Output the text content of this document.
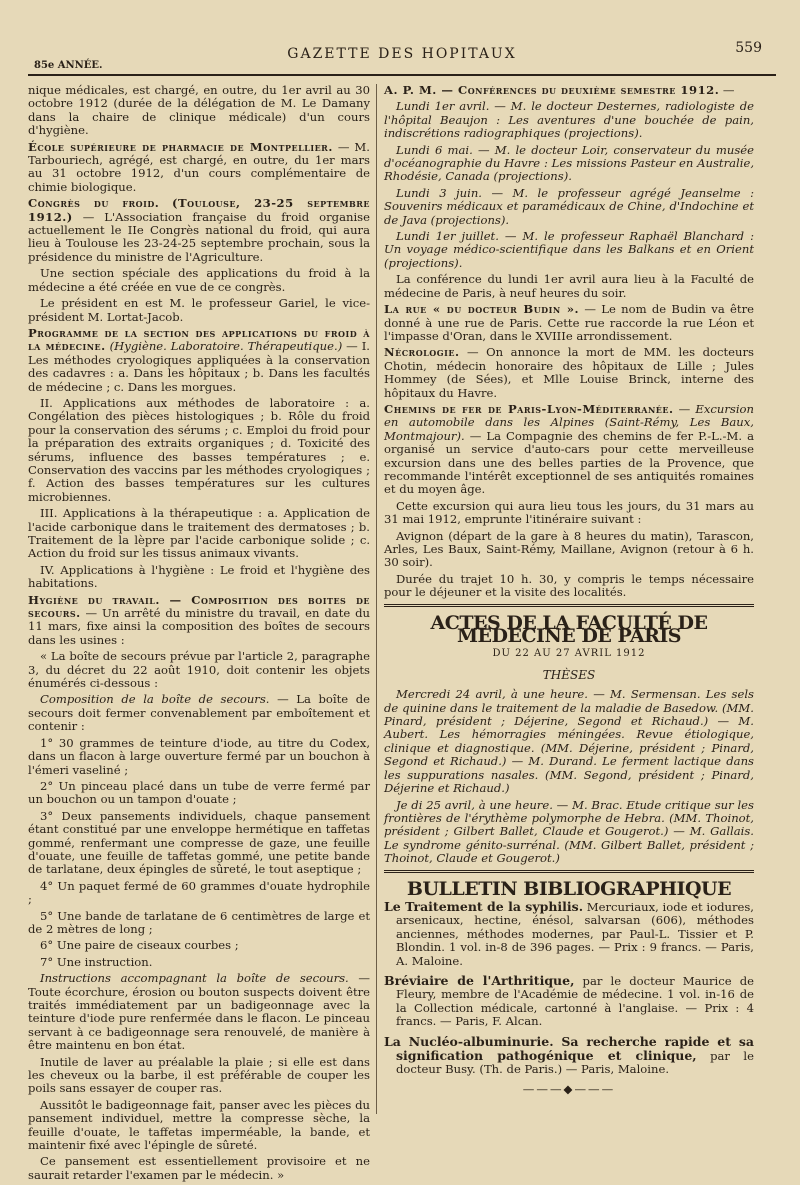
85e ANNÉE.
GAZETTE DES HOPITAUX	559

nique médicales, est chargé, en outre, du 1er avril au 30 octobre 1912 (durée de la délégation de M. Le Damany dans la chaire de clinique médicale) d'un cours d'hygiène.

École supérieure de pharmacie de Montpellier. — M. Tarbouriech, agrégé, est chargé, en outre, du 1er mars au 31 octobre 1912, d'un cours complémentaire de chimie biologique.

Congrès du froid. (Toulouse, 23-25 septembre 1912.) — L'Association française du froid organise actuellement le IIe Congrès national du froid, qui aura lieu à Toulouse les 23-24-25 septembre prochain, sous la présidence du ministre de l'Agriculture.

Une section spéciale des applications du froid à la médecine a été créée en vue de ce congrès.

Le président en est M. le professeur Gariel, le vice-président M. Lortat-Jacob.

Programme de la section des applications du froid à la médecine. (Hygiène. Laboratoire. Thérapeutique.) — I. Les méthodes cryologiques appliquées à la conservation des cadavres : a. Dans les hôpitaux ; b. Dans les facultés de médecine ; c. Dans les morgues.

II. Applications aux méthodes de laboratoire : a. Congélation des pièces histologiques ; b. Rôle du froid pour la conservation des sérums ; c. Emploi du froid pour la préparation des extraits organiques ; d. Toxicité des sérums, influence des basses températures ; e. Conservation des vaccins par les méthodes cryologiques ; f. Action des basses températures sur les cultures microbiennes.

III. Applications à la thérapeutique : a. Application de l'acide carbonique dans le traitement des dermatoses ; b. Traitement de la lèpre par l'acide carbonique solide ; c. Action du froid sur les tissus animaux vivants.

IV. Applications à l'hygiène : Le froid et l'hygiène des habitations.

Hygiène du travail. — Composition des boites de secours. — Un arrêté du ministre du travail, en date du 11 mars, fixe ainsi la composition des boîtes de secours dans les usines :

« La boîte de secours prévue par l'article 2, paragraphe 3, du décret du 22 août 1910, doit contenir les objets énumérés ci-dessous :

Composition de la boîte de secours. — La boîte de secours doit fermer convenablement par emboîtement et contenir :

1° 30 grammes de teinture d'iode, au titre du Codex, dans un flacon à large ouverture fermé par un bouchon à l'émeri vaseliné ;

2° Un pinceau placé dans un tube de verre fermé par un bouchon ou un tampon d'ouate ;

3° Deux pansements individuels, chaque pansement étant constitué par une enveloppe hermétique en taffetas gommé, renfermant une compresse de gaze, une feuille d'ouate, une feuille de taffetas gommé, une petite bande de tarlatane, deux épingles de sûreté, le tout aseptique ;

4° Un paquet fermé de 60 grammes d'ouate hydrophile ;

5° Une bande de tarlatane de 6 centimètres de large et de 2 mètres de long ;

6° Une paire de ciseaux courbes ;

7° Une instruction.

Instructions accompagnant la boîte de secours. — Toute écorchure, érosion ou bouton suspects doivent être traités immédiatement par un badigeonnage avec la teinture d'iode pure renfermée dans le flacon. Le pinceau servant à ce badigeonnage sera renouvelé, de manière à être maintenu en bon état.

Inutile de laver au préalable la plaie ; si elle est dans les cheveux ou la barbe, il est préférable de couper les poils sans essayer de couper ras.

Aussitôt le badigeonnage fait, panser avec les pièces du pansement individuel, mettre la compresse sèche, la feuille d'ouate, le taffetas imperméable, la bande, et maintenir fixé avec l'épingle de sûreté.

Ce pansement est essentiellement provisoire et ne saurait retarder l'examen par le médecin. »

A. P. M. — Conférences du deuxième semestre 1912. —

Lundi 1er avril. — M. le docteur Desternes, radiologiste de l'hôpital Beaujon : Les aventures d'une bouchée de pain, indiscrétions radiographiques (projections).

Lundi 6 mai. — M. le docteur Loir, conservateur du musée d'océanographie du Havre : Les missions Pasteur en Australie, Rhodésie, Canada (projections).

Lundi 3 juin. — M. le professeur agrégé Jeanselme : Souvenirs médicaux et paramédicaux de Chine, d'Indochine et de Java (projections).

Lundi 1er juillet. — M. le professeur Raphaël Blanchard : Un voyage médico-scientifique dans les Balkans et en Orient (projections).

La conférence du lundi 1er avril aura lieu à la Faculté de médecine de Paris, à neuf heures du soir.

La rue « du docteur Budin ». — Le nom de Budin va être donné à une rue de Paris. Cette rue raccorde la rue Léon et l'impasse d'Oran, dans le XVIIIe arrondissement.

Nécrologie. — On annonce la mort de MM. les docteurs Chotin, médecin honoraire des hôpitaux de Lille ; Jules Hommey (de Sées), et Mlle Louise Brinck, interne des hôpitaux du Havre.

Chemins de fer de Paris-Lyon-Méditerranée. — Excursion en automobile dans les Alpines (Saint-Rémy, Les Baux, Montmajour). — La Compagnie des chemins de fer P.-L.-M. a organisé un service d'auto-cars pour cette merveilleuse excursion dans une des belles parties de la Provence, que recommande l'intérêt exceptionnel de ses antiquités romaines et du moyen âge.

Cette excursion qui aura lieu tous les jours, du 31 mars au 31 mai 1912, emprunte l'itinéraire suivant :

Avignon (départ de la gare à 8 heures du matin), Tarascon, Arles, Les Baux, Saint-Rémy, Maillane, Avignon (retour à 6 h. 30 soir).

Durée du trajet 10 h. 30, y compris le temps nécessaire pour le déjeuner et la visite des localités.

ACTES DE LA FACULTÉ DE MÉDECINE DE PARIS
DU 22 AU 27 AVRIL 1912
THÈSES

Mercredi 24 avril, à une heure. — M. Sermensan. Les sels de quinine dans le traitement de la maladie de Basedow. (MM. Pinard, président ; Déjerine, Segond et Richaud.) — M. Aubert. Les hémorragies méningées. Revue étiologique, clinique et diagnostique. (MM. Déjerine, président ; Pinard, Segond et Richaud.) — M. Durand. Le ferment lactique dans les suppurations nasales. (MM. Segond, président ; Pinard, Déjerine et Richaud.)

Je di 25 avril, à une heure. — M. Brac. Etude critique sur les frontières de l'érythème polymorphe de Hebra. (MM. Thoinot, président ; Gilbert Ballet, Claude et Gougerot.) — M. Gallais. Le syndrome génito-surrénal. (MM. Gilbert Ballet, président ; Thoinot, Claude et Gougerot.)

BULLETIN BIBLIOGRAPHIQUE

Le Traitement de la syphilis. Mercuriaux, iode et iodures, arsenicaux, hectine, énésol, salvarsan (606), méthodes anciennes, méthodes modernes, par Paul-L. Tissier et P. Blondin. 1 vol. in-8 de 396 pages. — Prix : 9 francs. — Paris, A. Maloine.

Bréviaire de l'Arthritique, par le docteur Maurice de Fleury, membre de l'Académie de médecine. 1 vol. in-16 de la Collection médicale, cartonné à l'anglaise. — Prix : 4 francs. — Paris, F. Alcan.

La Nucléo-albuminurie. Sa recherche rapide et sa signification pathogénique et clinique, par le docteur Busy. (Th. de Paris.) — Paris, Maloine.

———◆———
